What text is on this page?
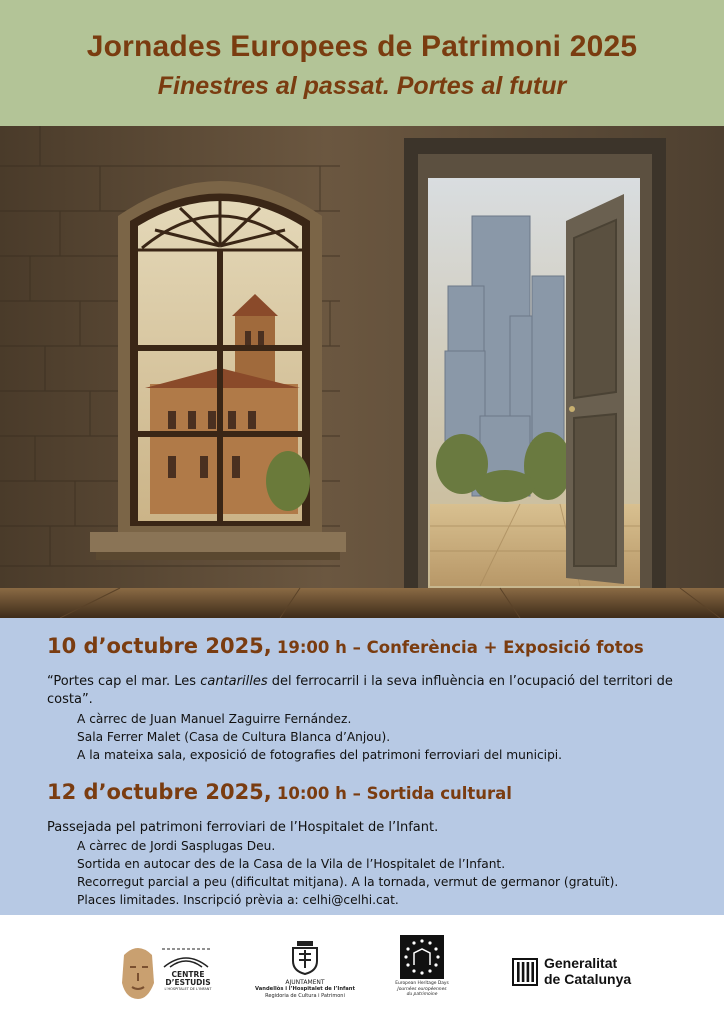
Jornades Europees de Patrimoni 2025
Finestres al passat. Portes al futur
10 d’octubre 2025, 19:00 h – Conferència + Exposició fotos
“Portes cap el mar. Les cantarilles del ferrocarril i la seva influència en l’ocupació del territori de costa”.
A càrrec de Juan Manuel Zaguirre Fernández.
Sala Ferrer Malet (Casa de Cultura Blanca d’Anjou).
A la mateixa sala, exposició de fotografies del patrimoni ferroviari del municipi.
12 d’octubre 2025, 10:00 h – Sortida cultural
Passejada pel patrimoni ferroviari de l’Hospitalet de l’Infant.
A càrrec de Jordi Sasplugas Deu.
Sortida en autocar des de la Casa de la Vila de l’Hospitalet de l’Infant.
Recorregut parcial a peu (dificultat mitjana). A la tornada, vermut de germanor (gratuït).
Places limitades. Inscripció prèvia a: celhi@celhi.cat.
CENTRE
D’ESTUDIS
L’HOSPITALET DE L’INFANT
AJUNTAMENT
Vandellòs i l’Hospitalet de l’Infant
Regidoria de Cultura i Patrimoni
European Heritage Days
Journées européennes
du patrimoine
Generalitat
de Catalunya
